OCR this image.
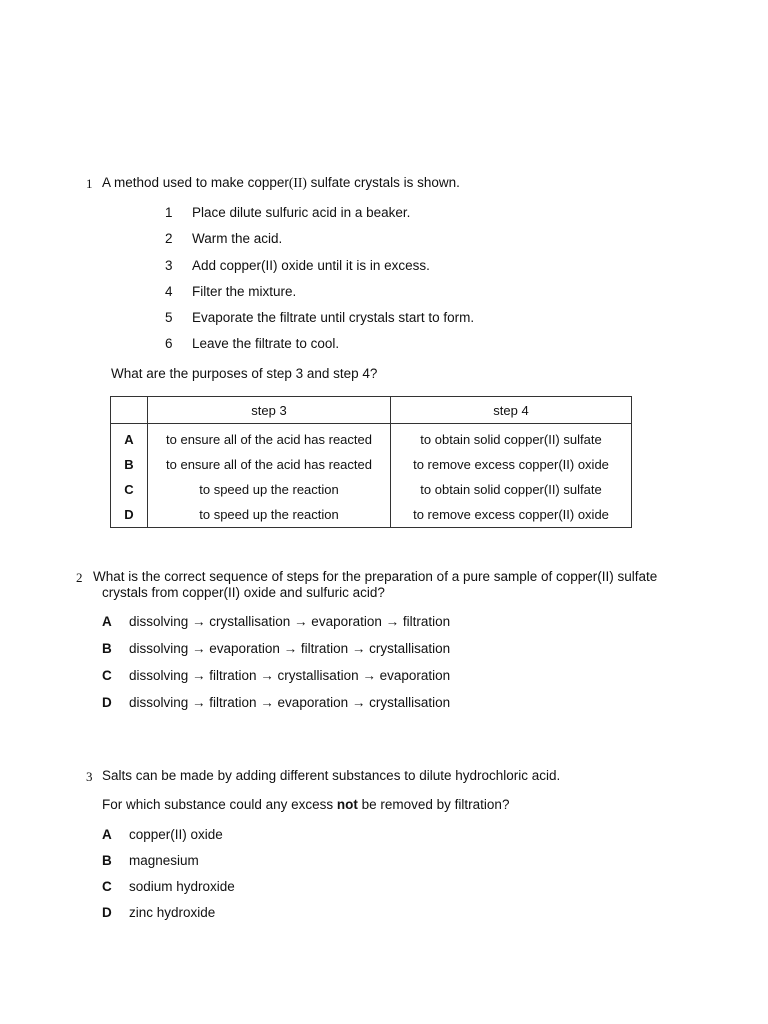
1 A method used to make copper(II) sulfate crystals is shown.
1 Place dilute sulfuric acid in a beaker.
2 Warm the acid.
3 Add copper(II) oxide until it is in excess.
4 Filter the mixture.
5 Evaporate the filtrate until crystals start to form.
6 Leave the filtrate to cool.
What are the purposes of step 3 and step 4?
	step 3	step 4
A	to ensure all of the acid has reacted	to obtain solid copper(II) sulfate
B	to ensure all of the acid has reacted	to remove excess copper(II) oxide
C	to speed up the reaction	to obtain solid copper(II) sulfate
D	to speed up the reaction	to remove excess copper(II) oxide
2 What is the correct sequence of steps for the preparation of a pure sample of copper(II) sulfate
crystals from copper(II) oxide and sulfuric acid?
A dissolving → crystallisation → evaporation → filtration
B dissolving → evaporation → filtration → crystallisation
C dissolving → filtration → crystallisation → evaporation
D dissolving → filtration → evaporation → crystallisation
3 Salts can be made by adding different substances to dilute hydrochloric acid.
For which substance could any excess not be removed by filtration?
A copper(II) oxide
B magnesium
C sodium hydroxide
D zinc hydroxide
